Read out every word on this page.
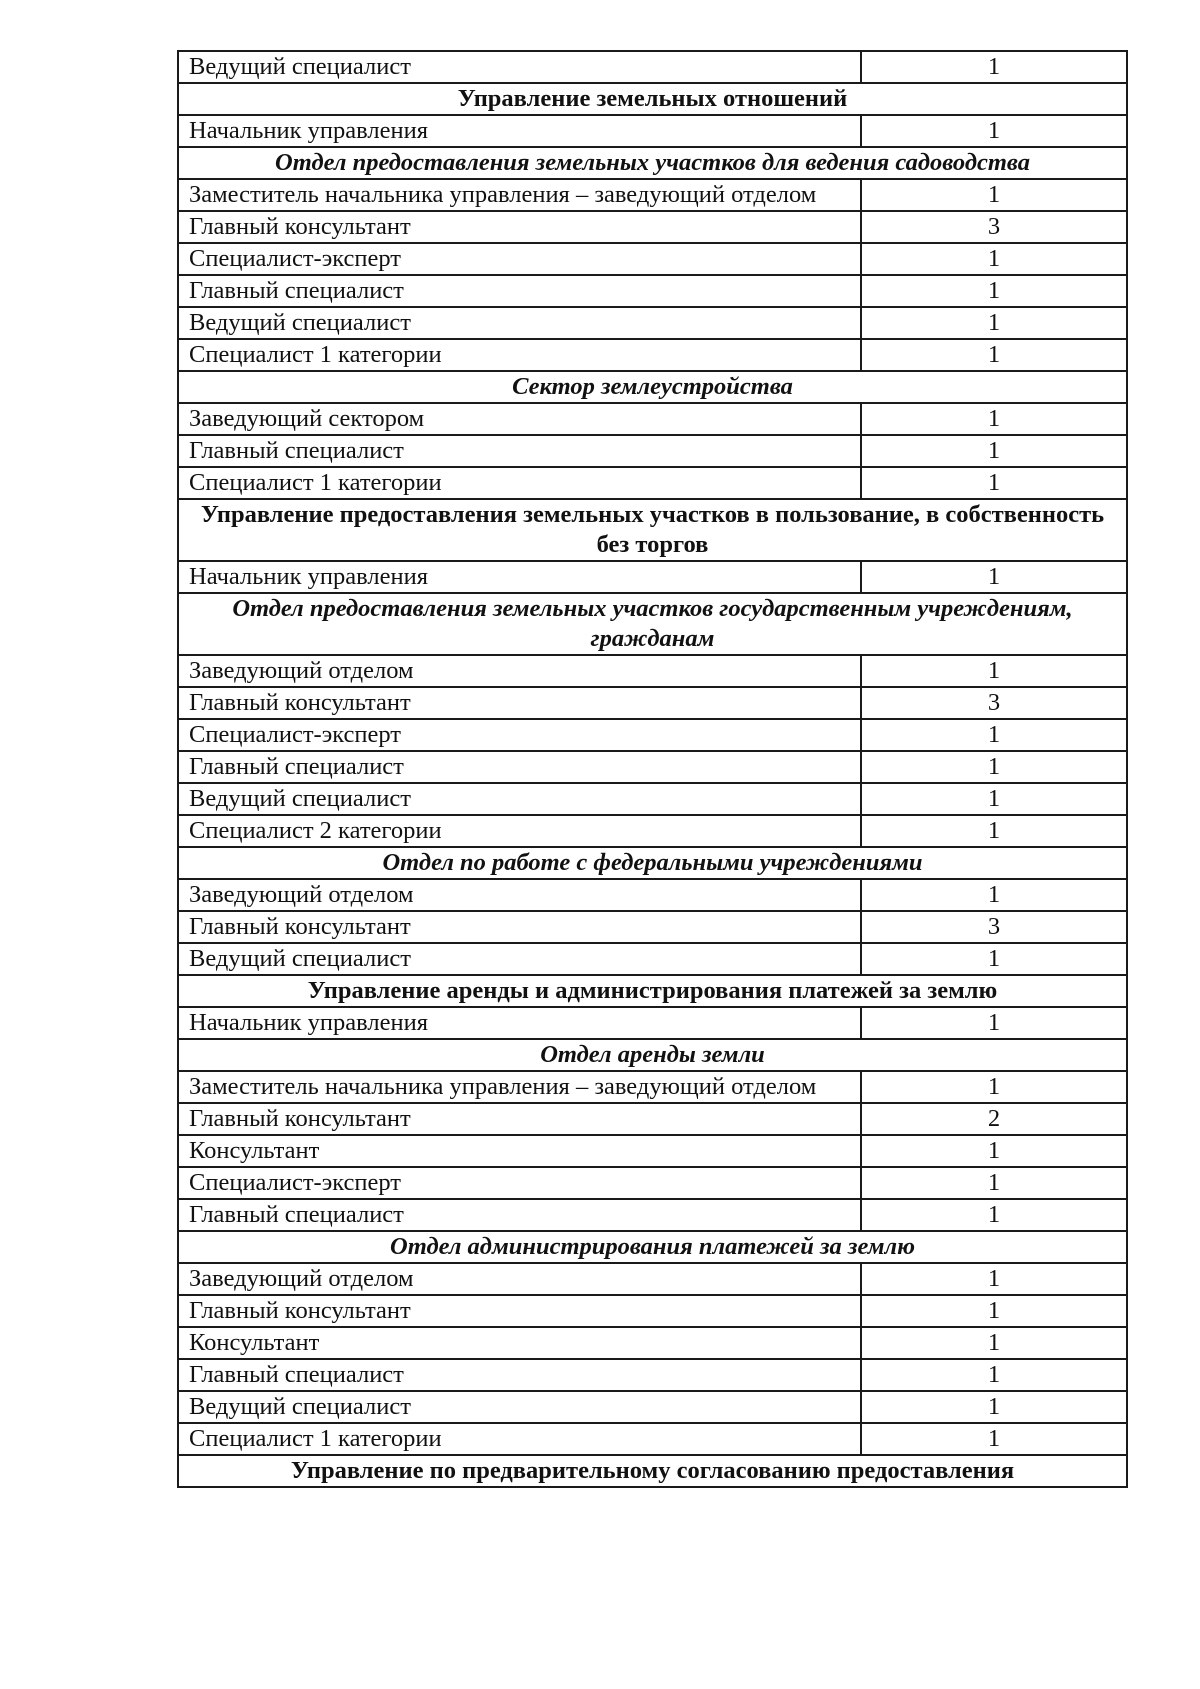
Ведущий специалист	1
Управление земельных отношений	
Начальник управления	1
Отдел предоставления земельных участков для ведения садоводства	
Заместитель начальника управления – заведующий отделом	1
Главный консультант	3
Специалист-эксперт	1
Главный специалист	1
Ведущий специалист	1
Специалист 1 категории	1
Сектор землеустройства	
Заведующий сектором	1
Главный специалист	1
Специалист 1 категории	1
Управление предоставления земельных участков в пользование, в собственность без торгов	
Начальник управления	1
Отдел предоставления земельных участков государственным учреждениям, гражданам	
Заведующий отделом	1
Главный консультант	3
Специалист-эксперт	1
Главный специалист	1
Ведущий специалист	1
Специалист 2 категории	1
Отдел по работе с федеральными учреждениями	
Заведующий отделом	1
Главный консультант	3
Ведущий специалист	1
Управление аренды и администрирования платежей за землю	
Начальник управления	1
Отдел аренды земли	
Заместитель начальника управления – заведующий отделом	1
Главный консультант	2
Консультант	1
Специалист-эксперт	1
Главный специалист	1
Отдел администрирования платежей за землю	
Заведующий отделом	1
Главный консультант	1
Консультант	1
Главный специалист	1
Ведущий специалист	1
Специалист 1 категории	1
Управление по предварительному согласованию предоставления	
